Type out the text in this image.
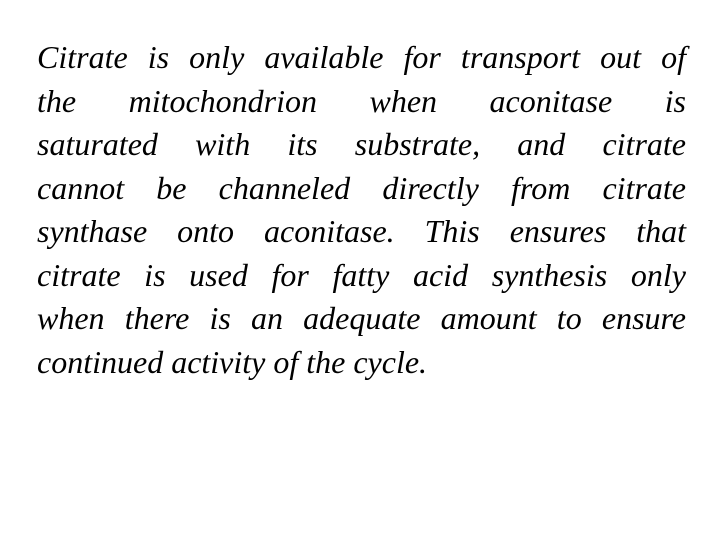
Citrate is only available for transport out of
the mitochondrion when aconitase is
saturated with its substrate, and citrate
cannot be channeled directly from citrate
synthase onto aconitase. This ensures that
citrate is used for fatty acid synthesis only
when there is an adequate amount to ensure
continued activity of the cycle.
